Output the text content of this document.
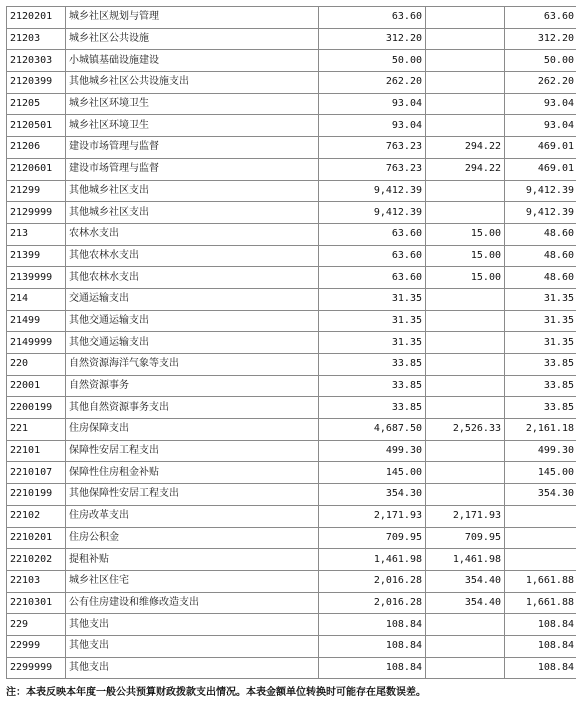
2120201	城乡社区规划与管理	63.60		63.60
21203	城乡社区公共设施	312.20		312.20
2120303	小城镇基础设施建设	50.00		50.00
2120399	其他城乡社区公共设施支出	262.20		262.20
21205	城乡社区环境卫生	93.04		93.04
2120501	城乡社区环境卫生	93.04		93.04
21206	建设市场管理与监督	763.23	294.22	469.01
2120601	建设市场管理与监督	763.23	294.22	469.01
21299	其他城乡社区支出	9,412.39		9,412.39
2129999	其他城乡社区支出	9,412.39		9,412.39
213	农林水支出	63.60	15.00	48.60
21399	其他农林水支出	63.60	15.00	48.60
2139999	其他农林水支出	63.60	15.00	48.60
214	交通运输支出	31.35		31.35
21499	其他交通运输支出	31.35		31.35
2149999	其他交通运输支出	31.35		31.35
220	自然资源海洋气象等支出	33.85		33.85
22001	自然资源事务	33.85		33.85
2200199	其他自然资源事务支出	33.85		33.85
221	住房保障支出	4,687.50	2,526.33	2,161.18
22101	保障性安居工程支出	499.30		499.30
2210107	保障性住房租金补贴	145.00		145.00
2210199	其他保障性安居工程支出	354.30		354.30
22102	住房改革支出	2,171.93	2,171.93	
2210201	住房公积金	709.95	709.95	
2210202	提租补贴	1,461.98	1,461.98	
22103	城乡社区住宅	2,016.28	354.40	1,661.88
2210301	公有住房建设和维修改造支出	2,016.28	354.40	1,661.88
229	其他支出	108.84		108.84
22999	其他支出	108.84		108.84
2299999	其他支出	108.84		108.84
注：本表反映本年度一般公共预算财政拨款支出情况。本表金额单位转换时可能存在尾数误差。
